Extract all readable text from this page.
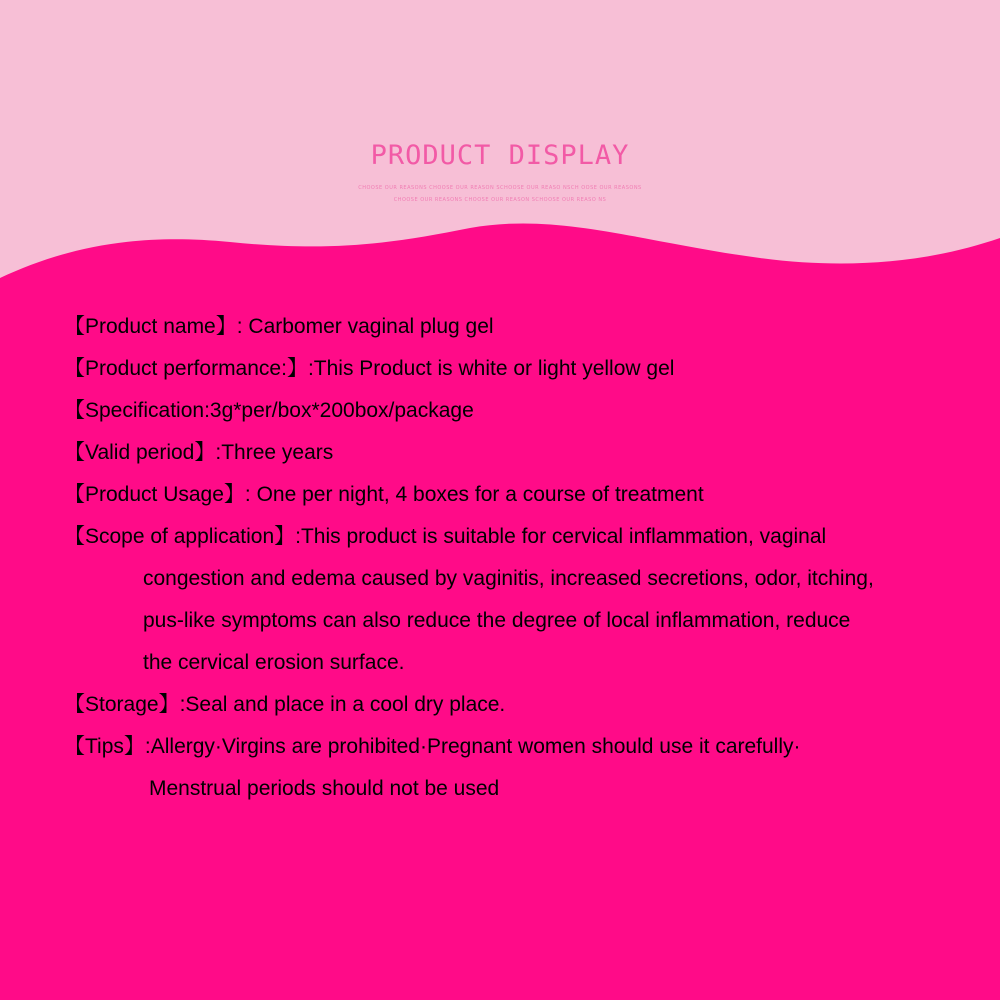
PRODUCT DISPLAY
CHOOSE OUR REASONS CHOOSE OUR REASON SCHOOSE OUR REASO NSCH OOSE OUR REASONS
CHOOSE OUR REASONS CHOOSE OUR REASON SCHOOSE OUR REASO NS
【Product name】 : Carbomer vaginal plug gel
【Product performance:】 :This Product is white or light yellow gel
【Specification:3g*per/box*200box/package
【Valid period】 :Three years
【Product Usage】 : One per night, 4 boxes for a course of treatment
【Scope of application】 :This product is suitable for cervical inflammation, vaginal
congestion and edema caused by vaginitis, increased secretions, odor, itching,
pus-like symptoms can also reduce the degree of local inflammation, reduce
the cervical erosion surface.
【Storage】 :Seal and place in a cool dry place.
【Tips】 :Allergy·Virgins are prohibited·Pregnant women should use it carefully·
Menstrual periods should not be used
